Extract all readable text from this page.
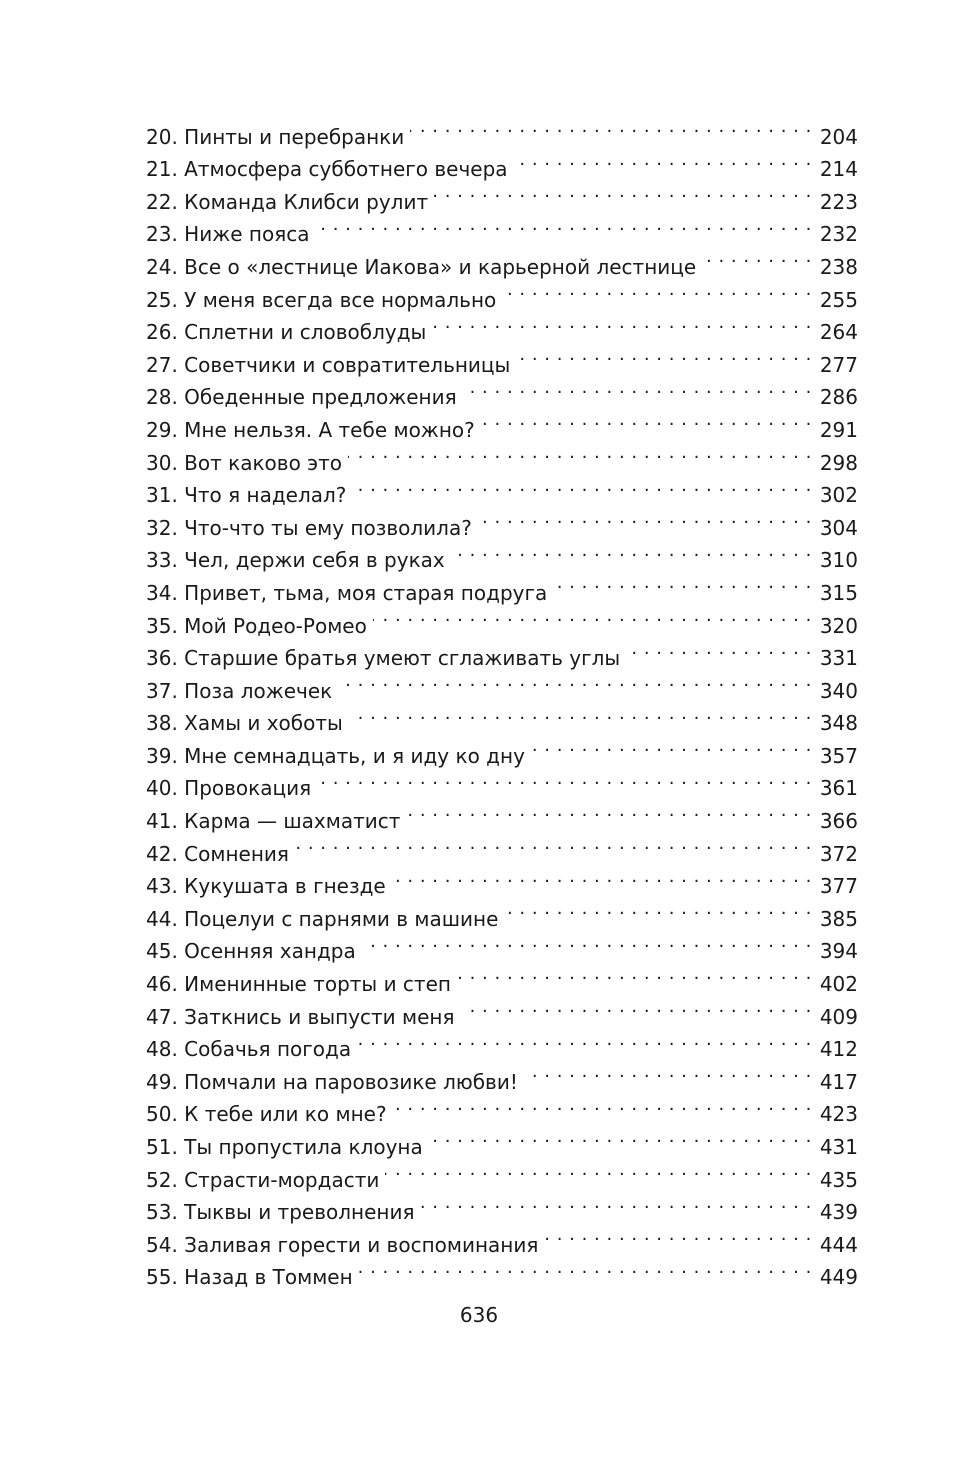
20. Пинты и перебранки . . .	204
21. Атмосфера субботнего вечера . . .	214
22. Команда Клибси рулит . . .	223
23. Ниже пояса . . .	232
24. Все о «лестнице Иакова» и карьерной лестнице . . .	238
25. У меня всегда все нормально . . .	255
26. Сплетни и словоблуды . . .	264
27. Советчики и совратительницы . . .	277
28. Обеденные предложения . . .	286
29. Мне нельзя. А тебе можно? . . .	291
30. Вот каково это . . .	298
31. Что я наделал? . . .	302
32. Что-что ты ему позволила? . . .	304
33. Чел, держи себя в руках . . .	310
34. Привет, тьма, моя старая подруга . . .	315
35. Мой Родео-Ромео . . .	320
36. Старшие братья умеют сглаживать углы . . .	331
37. Поза ложечек . . .	340
38. Хамы и хоботы . . .	348
39. Мне семнадцать, и я иду ко дну . . .	357
40. Провокация . . .	361
41. Карма — шахматист . . .	366
42. Сомнения . . .	372
43. Кукушата в гнезде . . .	377
44. Поцелуи с парнями в машине . . .	385
45. Осенняя хандра . . .	394
46. Именинные торты и степ . . .	402
47. Заткнись и выпусти меня . . .	409
48. Собачья погода . . .	412
49. Помчали на паровозике любви! . . .	417
50. К тебе или ко мне? . . .	423
51. Ты пропустила клоуна . . .	431
52. Страсти-мордасти . . .	435
53. Тыквы и треволнения . . .	439
54. Заливая горести и воспоминания . . .	444
55. Назад в Томмен . . .	449
636
